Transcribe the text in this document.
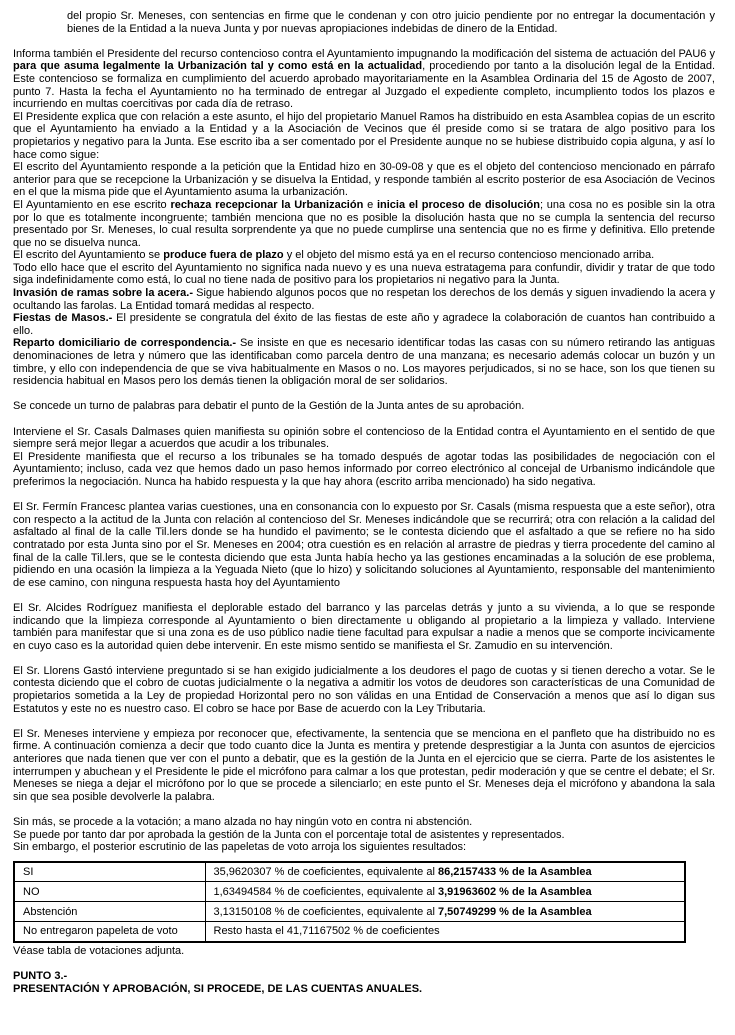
del propio Sr. Meneses, con sentencias en firme que le condenan y con otro juicio pendiente por no entregar la documentación y bienes de la Entidad a la nueva Junta y por nuevas apropiaciones indebidas de dinero de la Entidad.
Informa también el Presidente del recurso contencioso contra el Ayuntamiento impugnando la modificación del sistema de actuación del PAU6 y para que asuma legalmente la Urbanización tal y como está en la actualidad, procediendo por tanto a la disolución legal de la Entidad. Este contencioso se formaliza en cumplimiento del acuerdo aprobado mayoritariamente en la Asamblea Ordinaria del 15 de Agosto de 2007, punto 7. Hasta la fecha el Ayuntamiento no ha terminado de entregar al Juzgado el expediente completo, incumpliento todos los plazos e incurriendo en multas coercitivas por cada día de retraso.
El Presidente explica que con relación a este asunto, el hijo del propietario Manuel Ramos ha distribuido en esta Asamblea copias de un escrito que el Ayuntamiento ha enviado a la Entidad y a la Asociación de Vecinos que él preside como si se tratara de algo positivo para los propietarios y negativo para la Junta. Ese escrito iba a ser comentado por el Presidente aunque no se hubiese distribuido copia alguna, y así lo hace como sigue:
El escrito del Ayuntamiento responde a la petición que la Entidad hizo en 30-09-08 y que es el objeto del contencioso mencionado en párrafo anterior para que se recepcione la Urbanización y se disuelva la Entidad, y responde también al escrito posterior de esa Asociación de Vecinos en el que la misma pide que el Ayuntamiento asuma la urbanización.
El Ayuntamiento en ese escrito rechaza recepcionar la Urbanización e inicia el proceso de disolución; una cosa no es posible sin la otra por lo que es totalmente incongruente; también menciona que no es posible la disolución hasta que no se cumpla la sentencia del recurso presentado por Sr. Meneses, lo cual resulta sorprendente ya que no puede cumplirse una sentencia que no es firme y definitiva. Ello pretende que no se disuelva nunca.
El escrito del Ayuntamiento se produce fuera de plazo y el objeto del mismo está ya en el recurso contencioso mencionado arriba.
Todo ello hace que el escrito del Ayuntamiento no significa nada nuevo y es una nueva estratagema para confundir, dividir y tratar de que todo siga indefinidamente como está, lo cual no tiene nada de positivo para los propietarios ni negativo para la Junta.
Invasión de ramas sobre la acera.- Sigue habiendo algunos pocos que no respetan los derechos de los demás y siguen invadiendo la acera y ocultando las farolas. La Entidad tomará medidas al respecto.
Fiestas de Masos.- El presidente se congratula del éxito de las fiestas de este año y agradece la colaboración de cuantos han contribuido a ello.
Reparto domiciliario de correspondencia.- Se insiste en que es necesario identificar todas las casas con su número retirando las antiguas denominaciones de letra y número que las identificaban como parcela dentro de una manzana; es necesario además colocar un buzón y un timbre, y ello con independencia de que se viva habitualmente en Masos o no. Los mayores perjudicados, si no se hace, son los que tienen su residencia habitual en Masos pero los demás tienen la obligación moral de ser solidarios.
Se concede un turno de palabras para debatir el punto de la Gestión de la Junta antes de su aprobación.
Interviene el Sr. Casals Dalmases quien manifiesta su opinión sobre el contencioso de la Entidad contra el Ayuntamiento en el sentido de que siempre será mejor llegar a acuerdos que acudir a los tribunales.
El Presidente manifiesta que el recurso a los tribunales se ha tomado después de agotar todas las posibilidades de negociación con el Ayuntamiento; incluso, cada vez que hemos dado un paso hemos informado por correo electrónico al concejal de Urbanismo indicándole que preferimos la negociación. Nunca ha habido respuesta y la que hay ahora (escrito arriba mencionado) ha sido negativa.
El Sr. Fermín Francesc plantea varias cuestiones, una en consonancia con lo expuesto por Sr. Casals (misma respuesta que a este señor), otra con respecto a la actitud de la Junta con relación al contencioso del Sr. Meneses indicándole que se recurrirá; otra con relación a la calidad del asfaltado al final de la calle Til.lers donde se ha hundido el pavimento; se le contesta diciendo que el asfaltado a que se refiere no ha sido contratado por esta Junta sino por el Sr. Meneses en 2004; otra cuestión es en relación al arrastre de piedras y tierra procedente del camino al final de la calle Til.lers, que se le contesta diciendo que esta Junta había hecho ya las gestiones encaminadas a la solución de ese problema, pidiendo en una ocasión la limpieza a la Yeguada Nieto (que lo hizo) y solicitando soluciones al Ayuntamiento, responsable del mantenimiento de ese camino, con ninguna respuesta hasta hoy del Ayuntamiento
El Sr. Alcides Rodríguez manifiesta el deplorable estado del barranco y las parcelas detrás y junto a su vivienda, a lo que se responde indicando que la limpieza corresponde al Ayuntamiento o bien directamente u obligando al propietario a la limpieza y vallado. Interviene también para manifestar que si una zona es de uso público nadie tiene facultad para expulsar a nadie a menos que se comporte incivicamente en cuyo caso es la autoridad quien debe intervenir. En este mismo sentido se manifiesta el Sr. Zamudio en su intervención.
El Sr. Llorens Gastó interviene preguntado si se han exigido judicialmente a los deudores el pago de cuotas y si tienen derecho a votar. Se le contesta diciendo que el cobro de cuotas judicialmente o la negativa a admitir los votos de deudores son características de una Comunidad de propietarios sometida a la Ley de propiedad Horizontal pero no son válidas en una Entidad de Conservación a menos que así lo digan sus Estatutos y este no es nuestro caso. El cobro se hace por Base de acuerdo con la Ley Tributaria.
El Sr. Meneses interviene y empieza por reconocer que, efectivamente, la sentencia que se menciona en el panfleto que ha distribuido no es firme. A continuación comienza a decir que todo cuanto dice la Junta es mentira y pretende desprestigiar a la Junta con asuntos de ejercicios anteriores que nada tienen que ver con el punto a debatir, que es la gestión de la Junta en el ejercicio que se cierra. Parte de los asistentes le interrumpen y abuchean y el Presidente le pide el micrófono para calmar a los que protestan, pedir moderación y que se centre el debate; el Sr. Meneses se niega a dejar el micrófono por lo que se procede a silenciarlo; en este punto el Sr. Meneses deja el micrófono y abandona la sala sin que sea posible devolverle la palabra.
Sin más, se procede a la votación; a mano alzada no hay ningún voto en contra ni abstención.
Se puede por tanto dar por aprobada la gestión de la Junta con el porcentaje total de asistentes y representados.
Sin embargo, el posterior escrutinio de las papeletas de voto arroja los siguientes resultados:
SI	35,9620307 % de coeficientes, equivalente al 86,2157433 % de la Asamblea
NO	1,63494584 % de coeficientes, equivalente al 3,91963602 % de la Asamblea
Abstención	3,13150108 % de coeficientes, equivalente al 7,50749299 % de la Asamblea
No entregaron papeleta de voto	Resto hasta el 41,71167502 % de coeficientes
Véase tabla de votaciones adjunta.
PUNTO 3.-
PRESENTACIÓN Y APROBACIÓN, SI PROCEDE, DE LAS CUENTAS ANUALES.
